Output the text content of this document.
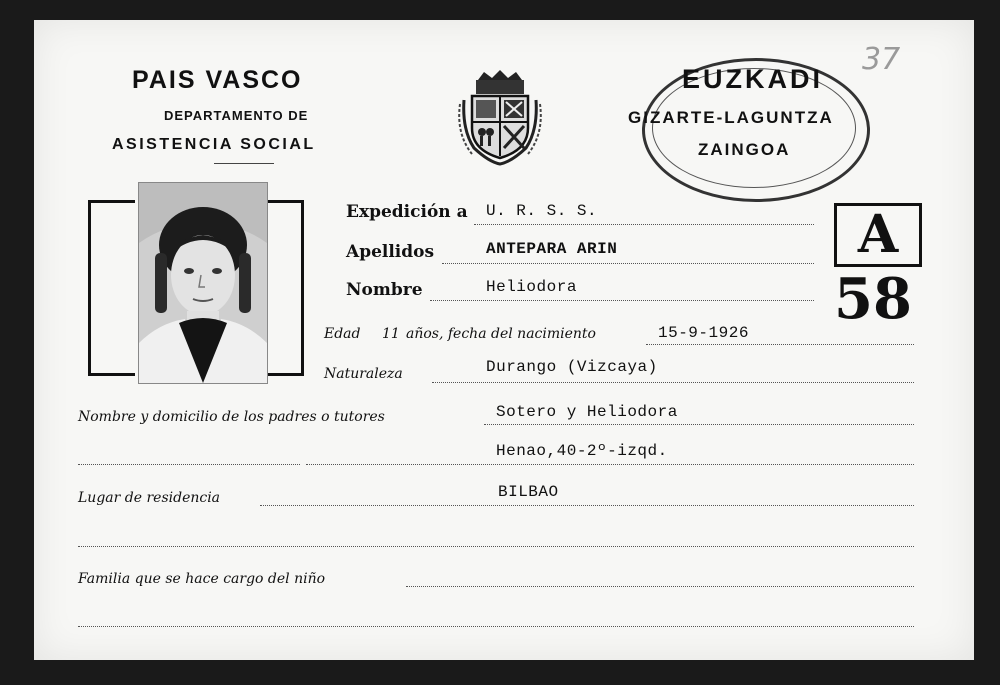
PAIS VASCO
DEPARTAMENTO DE
ASISTENCIA SOCIAL
EUZKADI
GIZARTE-LAGUNTZA
ZAINGOA
37
A
58
Expedición a U. R. S. S.
Apellidos	ANTEPARA ARIN
Nombre	Heliodora
Edad 11 años, fecha del nacimiento	15-9-1926
Naturaleza	Durango (Vizcaya)
Nombre y domicilio de los padres o tutores	Sotero y Heliodora
Henao,40-2º-izqd.
Lugar de residencia	BILBAO
Familia que se hace cargo del niño
